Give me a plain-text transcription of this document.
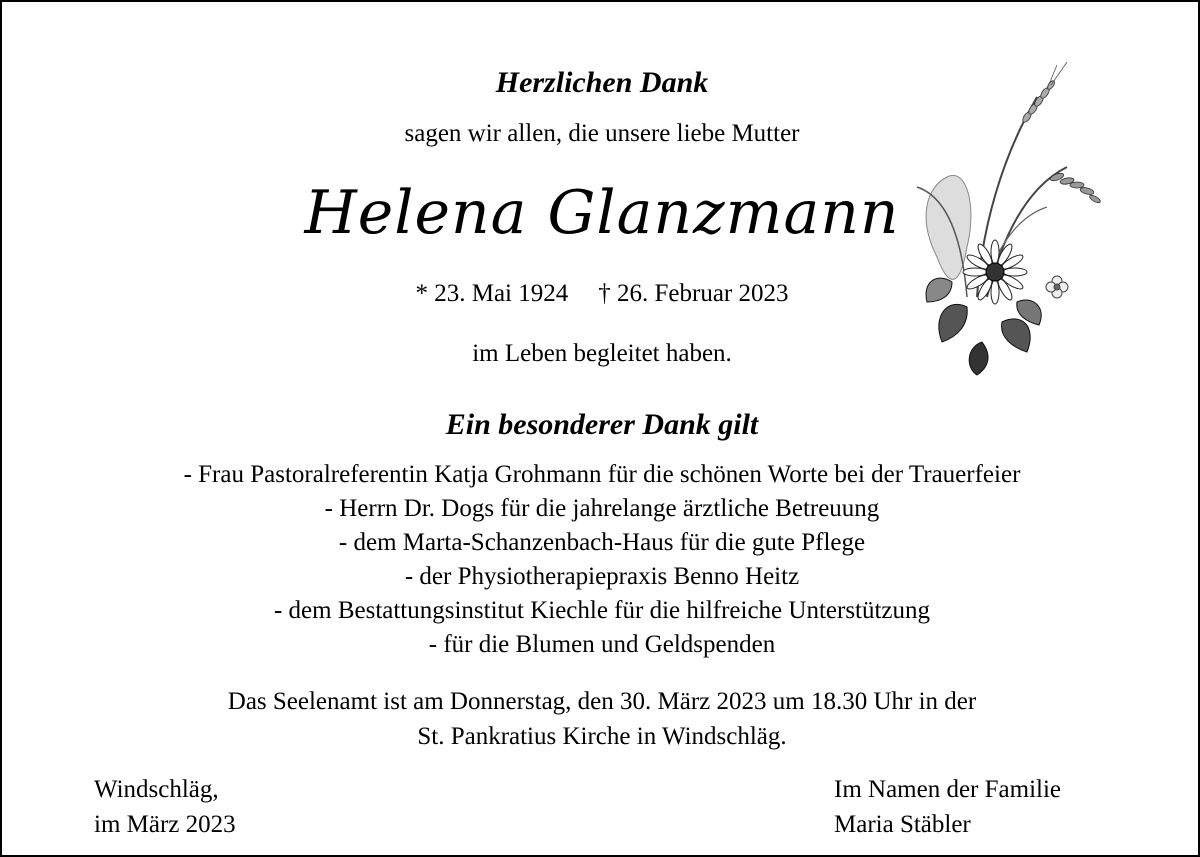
Herzlichen Dank
sagen wir allen, die unsere liebe Mutter
Helena Glanzmann
* 23. Mai 1924 † 26. Februar 2023
im Leben begleitet haben.
Ein besonderer Dank gilt
- Frau Pastoralreferentin Katja Grohmann für die schönen Worte bei der Trauerfeier
- Herrn Dr. Dogs für die jahrelange ärztliche Betreuung
- dem Marta-Schanzenbach-Haus für die gute Pflege
- der Physiotherapiepraxis Benno Heitz
- dem Bestattungsinstitut Kiechle für die hilfreiche Unterstützung
- für die Blumen und Geldspenden
Das Seelenamt ist am Donnerstag, den 30. März 2023 um 18.30 Uhr in der
St. Pankratius Kirche in Windschläg.
Windschläg,
im März 2023
Im Namen der Familie
Maria Stäbler
